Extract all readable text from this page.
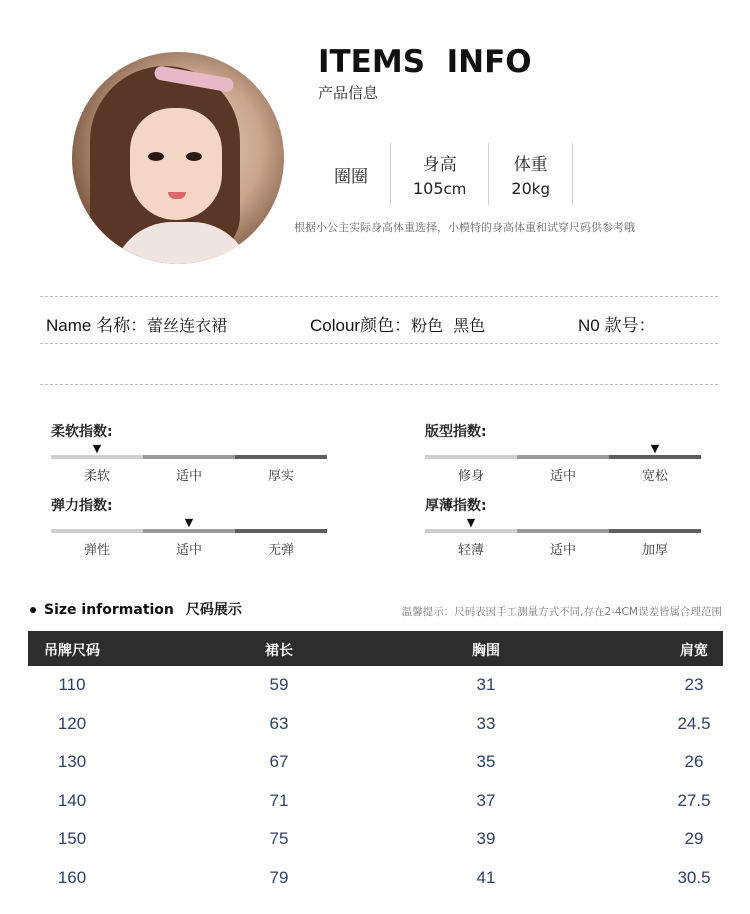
ITEMS  INFO
产品信息
圈圈
身高
105cm
体重
20kg
根据小公主实际身高体重选择，小模特的身高体重和试穿尺码供参考哦
Name 名称：蕾丝连衣裙	Colour颜色：粉色  黑色	N0 款号：
柔软指数:
▼
柔软	适中	厚实
版型指数:
▼
修身	适中	宽松
弹力指数:
▼
弹性	适中	无弹
厚薄指数:
▼
轻薄	适中	加厚
Size information 尺码展示	温馨提示：尺码表因手工测量方式不同,存在2-4CM误差皆属合理范围
吊牌尺码	裙长	胸围	肩宽
110	59	31	23
120	63	33	24.5
130	67	35	26
140	71	37	27.5
150	75	39	29
160	79	41	30.5
